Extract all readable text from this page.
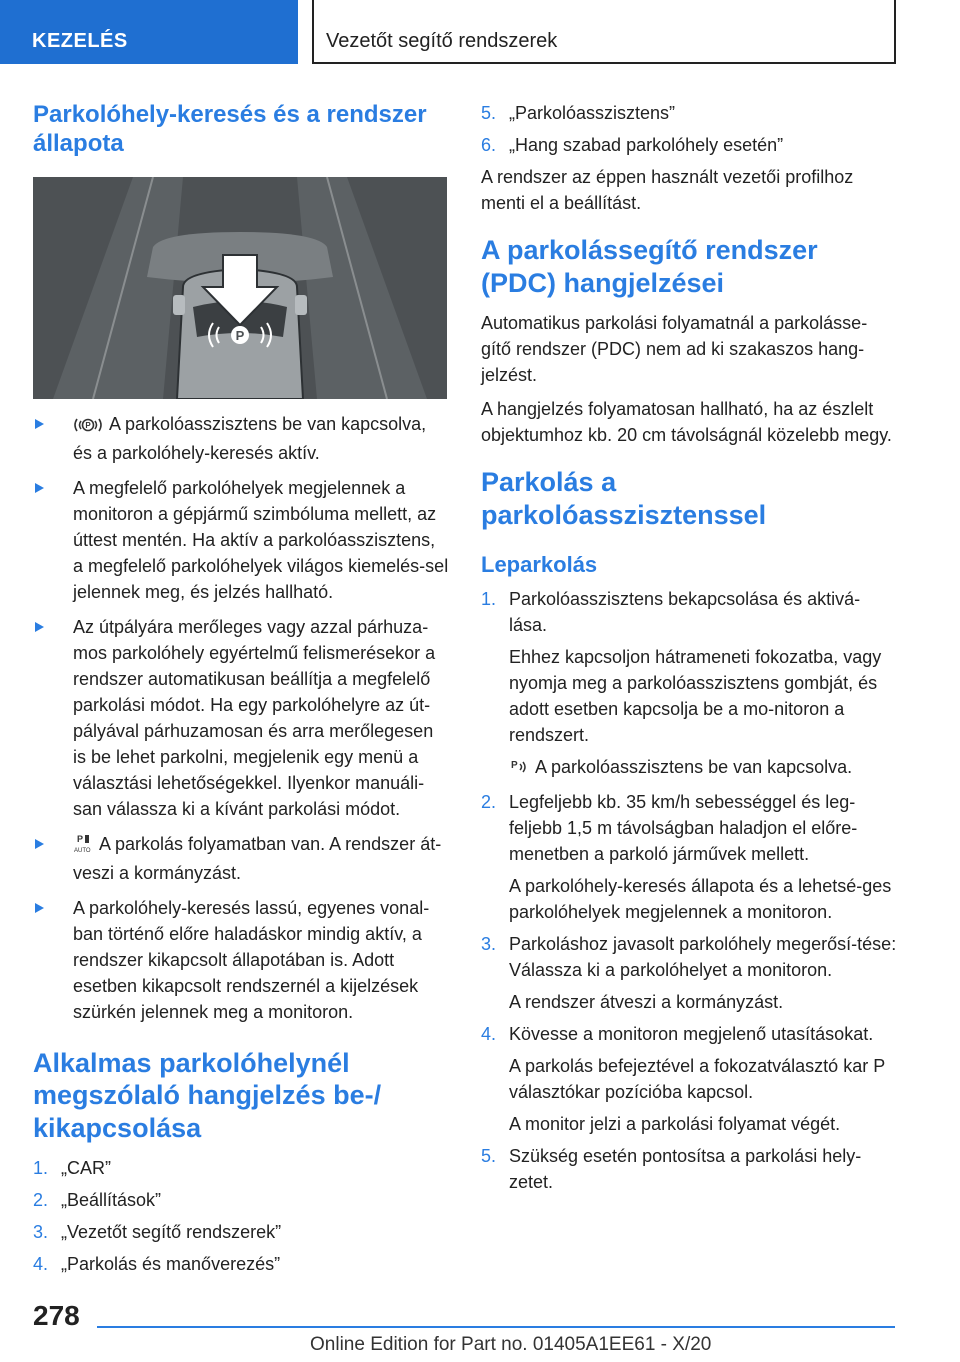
KEZELÉS	Vezetőt segítő rendszerek
Parkolóhely-keresés és a rendszer állapota
P
P A parkolóasszisztens be van kapcsolva, és a parkolóhely-keresés aktív.
A megfelelő parkolóhelyek megjelennek a monitoron a gépjármű szimbóluma mellett, az úttest mentén. Ha aktív a parkolóasszisztens, a megfelelő parkolóhelyek világos kiemelés-sel jelennek meg, és jelzés hallható.
Az útpályára merőleges vagy azzal párhuza-mos parkolóhely egyértelmű felismerésekor a rendszer automatikusan beállítja a megfelelő parkolási módot. Ha egy parkolóhelyre az út-pályával párhuzamosan és arra merőlegesen is be lehet parkolni, megjelenik egy menü a választási lehetőségekkel. Ilyenkor manuáli-san válassza ki a kívánt parkolási módot.
P
AUTO A parkolás folyamatban van. A rendszer át-veszi a kormányzást.
A parkolóhely-keresés lassú, egyenes vonal-ban történő előre haladáskor mindig aktív, a rendszer kikapcsolt állapotában is. Adott esetben kikapcsolt rendszernél a kijelzések szürkén jelennek meg a monitoron.
Alkalmas parkolóhelynél megszólaló hangjelzés be-/ kikapcsolása
1. „CAR”
2. „Beállítások”
3. „Vezetőt segítő rendszerek”
4. „Parkolás és manőverezés”
5. „Parkolóasszisztens”
6. „Hang szabad parkolóhely esetén”

A rendszer az éppen használt vezetői profilhoz menti el a beállítást.

A parkolássegítő rendszer (PDC) hangjelzései

Automatikus parkolási folyamatnál a parkolásse-gítő rendszer (PDC) nem ad ki szakaszos hang-jelzést.

A hangjelzés folyamatosan hallható, ha az észlelt objektumhoz kb. 20 cm távolságnál közelebb megy.

Parkolás a parkolóasszisztenssel
Leparkolás
1. Parkolóasszisztens bekapcsolása és aktivá-lása.
Ehhez kapcsoljon hátrameneti fokozatba, vagy nyomja meg a parkolóasszisztens gombját, és adott esetben kapcsolja be a mo-nitoron a rendszert.
P A parkolóasszisztens be van kapcsolva.
2. Legfeljebb kb. 35 km/h sebességgel és leg-feljebb 1,5 m távolságban haladjon el előre-menetben a parkoló járművek mellett.
A parkolóhely-keresés állapota és a lehetsé-ges parkolóhelyek megjelennek a monitoron.
3. Parkoláshoz javasolt parkolóhely megerősí-tése: Válassza ki a parkolóhelyet a monitoron.
A rendszer átveszi a kormányzást.
4. Kövesse a monitoron megjelenő utasításokat.
A parkolás befejeztével a fokozatválasztó kar P választókar pozícióba kapcsol.
A monitor jelzi a parkolási folyamat végét.
5. Szükség esetén pontosítsa a parkolási hely-zetet.
278
Online Edition for Part no. 01405A1EE61 - X/20
